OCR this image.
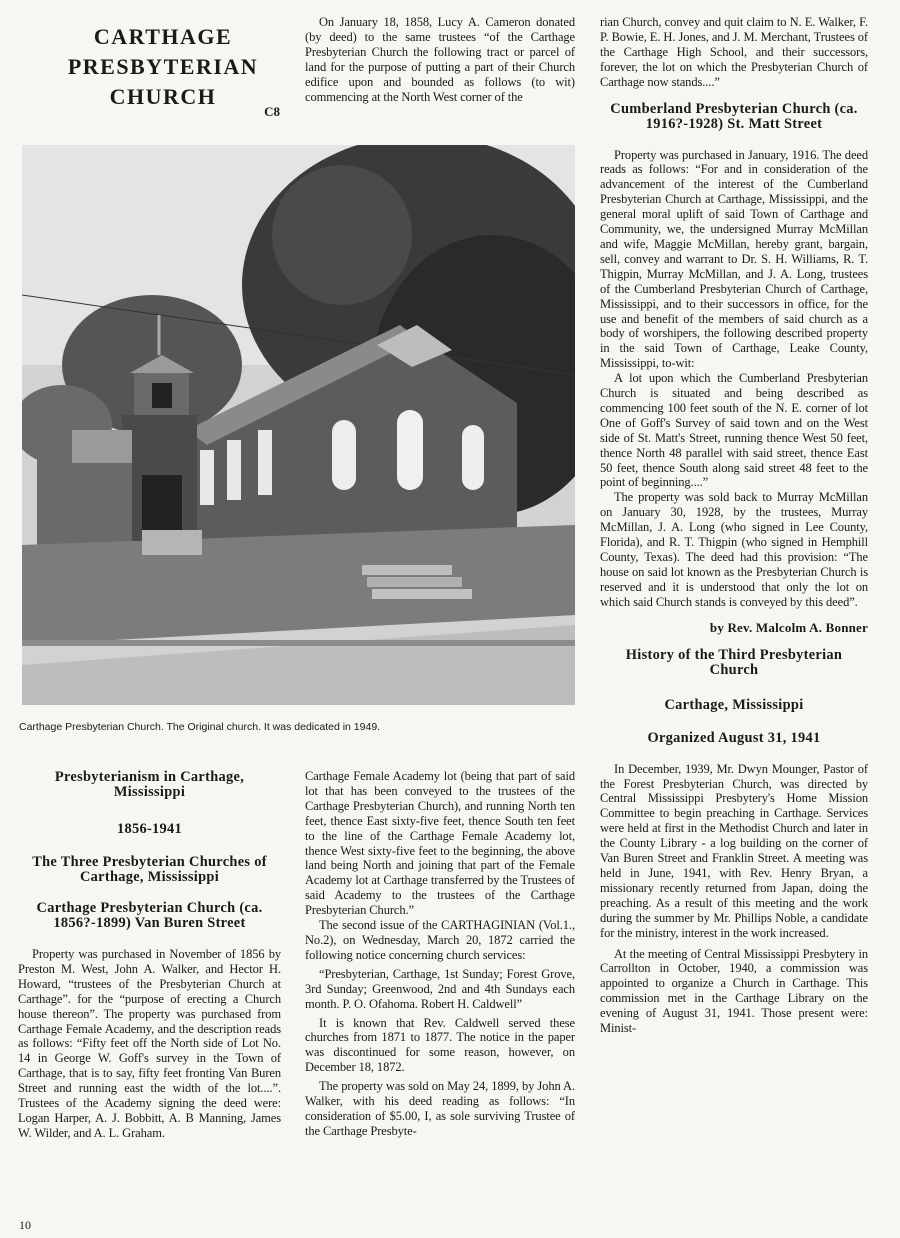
CARTHAGE
PRESBYTERIAN
CHURCH
C8

On January 18, 1858, Lucy A. Cameron donated (by deed) to the same trustees “of the Carthage Presbyterian Church the following tract or parcel of land for the purpose of putting a part of their Church edifice upon and bounded as follows (to wit) commencing at the North West corner of the

Carthage Presbyterian Church. The Original church. It was dedicated in 1949.

rian Church, convey and quit claim to N. E. Walker, F. P. Bowie, E. H. Jones, and J. M. Merchant, Trustees of the Carthage High School, and their successors, forever, the lot on which the Presbyterian Church of Carthage now stands....”

Cumberland Presbyterian Church (ca. 1916?-1928) St. Matt Street

Property was purchased in January, 1916. The deed reads as follows: “For and in consideration of the advancement of the interest of the Cumberland Presbyterian Church at Carthage, Mississippi, and the general moral uplift of said Town of Carthage and Community, we, the undersigned Murray McMillan and wife, Maggie McMillan, hereby grant, bargain, sell, convey and warrant to Dr. S. H. Williams, R. T. Thigpin, Murray McMillan, and J. A. Long, trustees of the Cumberland Presbyterian Church of Carthage, Mississippi, and to their successors in office, for the use and benefit of the members of said church as a body of worshipers, the following described property in the said Town of Carthage, Leake County, Mississippi, to-wit:

A lot upon which the Cumberland Presbyterian Church is situated and being described as commencing 100 feet south of the N. E. corner of lot One of Goff's Survey of said town and on the West side of St. Matt's Street, running thence West 50 feet, thence North 48 parallel with said street, thence East 50 feet, thence South along said street 48 feet to the point of beginning....”

The property was sold back to Murray McMillan on January 30, 1928, by the trustees, Murray McMillan, J. A. Long (who signed in Lee County, Florida), and R. T. Thigpin (who signed in Hemphill County, Texas). The deed had this provision: “The house on said lot known as the Presbyterian Church is reserved and it is understood that only the lot on which said Church stands is conveyed by this deed”.

by Rev. Malcolm A. Bonner
History of the Third Presbyterian Church
Carthage, Mississippi
Organized August 31, 1941

In December, 1939, Mr. Dwyn Mounger, Pastor of the Forest Presbyterian Church, was directed by Central Mississippi Presbytery's Home Mission Committee to begin preaching in Carthage. Services were held at first in the Methodist Church and later in the County Library - a log building on the corner of Van Buren Street and Franklin Street. A meeting was held in June, 1941, with Rev. Henry Bryan, a missionary recently returned from Japan, doing the preaching. As a result of this meeting and the work during the summer by Mr. Phillips Noble, a candidate for the ministry, interest in the work increased.

At the meeting of Central Mississippi Presbytery in Carrollton in October, 1940, a commission was appointed to organize a Church in Carthage. This commission met in the Carthage Library on the evening of August 31, 1941. Those present were: Minist-

Presbyterianism in Carthage, Mississippi
1856-1941
The Three Presbyterian Churches of Carthage, Mississippi
Carthage Presbyterian Church (ca. 1856?-1899) Van Buren Street

Property was purchased in November of 1856 by Preston M. West, John A. Walker, and Hector H. Howard, “trustees of the Presbyterian Church at Carthage”. for the “purpose of erecting a Church house thereon”. The property was purchased from Carthage Female Academy, and the description reads as follows: “Fifty feet off the North side of Lot No. 14 in George W. Goff's survey in the Town of Carthage, that is to say, fifty feet fronting Van Buren Street and running east the width of the lot....”. Trustees of the Academy signing the deed were: Logan Harper, A. J. Bobbitt, A. B Manning, James W. Wilder, and A. L. Graham.

Carthage Female Academy lot (being that part of said lot that has been conveyed to the trustees of the Carthage Presbyterian Church), and running North ten feet, thence East sixty-five feet, thence South ten feet to the line of the Carthage Female Academy lot, thence West sixty-five feet to the beginning, the above land being North and joining that part of the Female Academy lot at Carthage transferred by the Trustees of said Academy to the trustees of the Carthage Presbyterian Church.”

The second issue of the CARTHAGINIAN (Vol.1., No.2), on Wednesday, March 20, 1872 carried the following notice concerning church services:

“Presbyterian, Carthage, 1st Sunday; Forest Grove, 3rd Sunday; Greenwood, 2nd and 4th Sundays each month. P. O. Ofahoma. Robert H. Caldwell”

It is known that Rev. Caldwell served these churches from 1871 to 1877. The notice in the paper was discontinued for some reason, however, on December 18, 1872.

The property was sold on May 24, 1899, by John A. Walker, with his deed reading as follows: “In consideration of $5.00, I, as sole surviving Trustee of the Carthage Presbyte-

10
